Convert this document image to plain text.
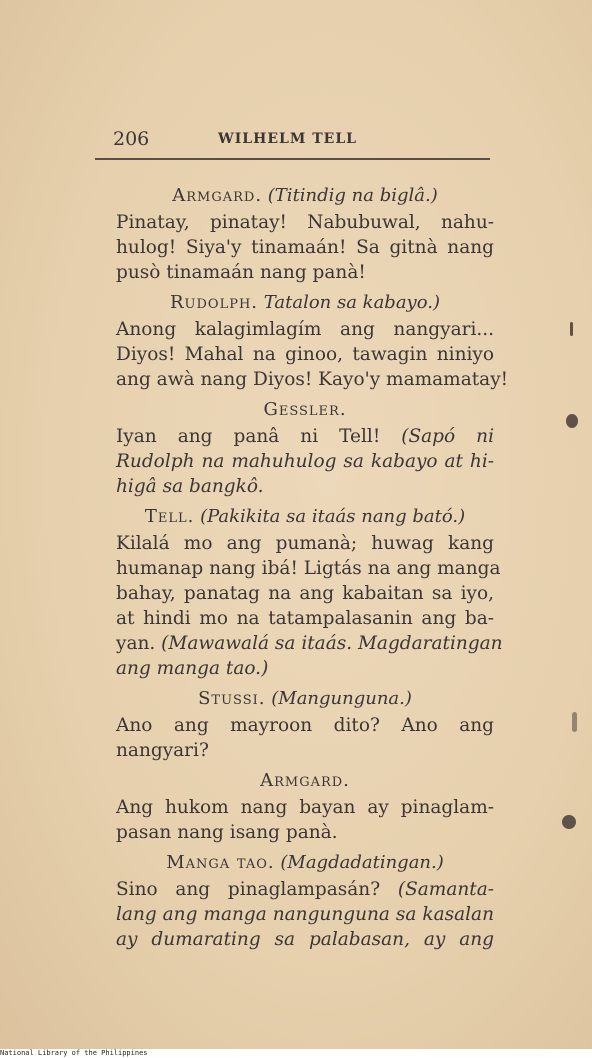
206	WILHELM TELL
Armgard. (Titindig na biglâ.)
Pinatay, pinatay! Nabubuwal, nahu-
hulog! Siya'y tinamaán! Sa gitnà nang
pusò tinamaán nang panà!
Rudolph. Tatalon sa kabayo.)
Anong kalagimlagím ang nangyari...
Diyos! Mahal na ginoo, tawagin niniyo
ang awà nang Diyos! Kayo'y mamamatay!
Gessler.
Iyan ang panâ ni Tell! (Sapó ni
Rudolph na mahuhulog sa kabayo at hi-
higâ sa bangkô.
Tell. (Pakikita sa itaás nang bató.)
Kilalá mo ang pumanà; huwag kang
humanap nang ibá! Ligtás na ang manga
bahay, panatag na ang kabaitan sa iyo,
at hindi mo na tatampalasanin ang ba-
yan. (Mawawalá sa itaás. Magdaratingan
ang manga tao.)
Stussi. (Mangunguna.)
Ano ang mayroon dito? Ano ang
nangyari?
Armgard.
Ang hukom nang bayan ay pinaglam-
pasan nang isang panà.
Manga tao. (Magdadatingan.)
Sino ang pinaglampasán? (Samanta-
lang ang manga nangunguna sa kasalan
ay dumarating sa palabasan, ay ang
National Library of the Philippines
